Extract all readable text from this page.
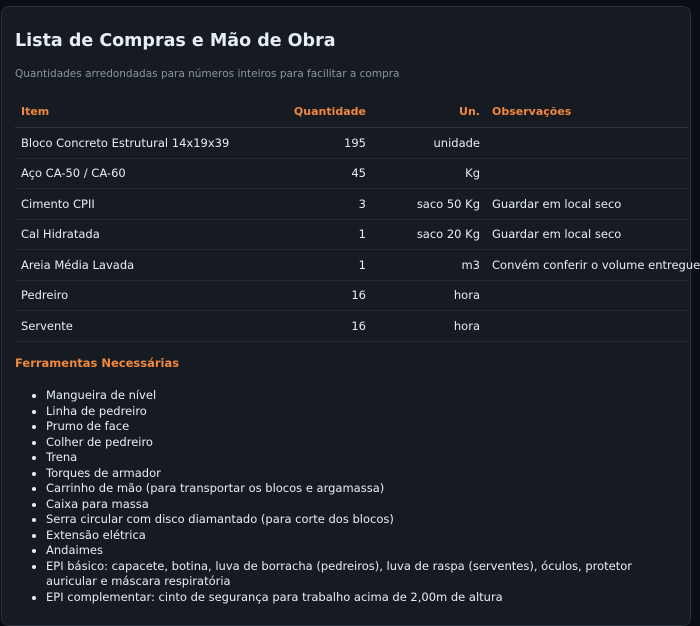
Lista de Compras e Mão de Obra

Quantidades arredondadas para números inteiros para facilitar a compra

Item	Quantidade	Un.	Observações
Bloco Concreto Estrutural 14x19x39	195	unidade	
Aço CA-50 / CA-60	45	Kg	
Cimento CPII	3	saco 50 Kg	Guardar em local seco
Cal Hidratada	1	saco 20 Kg	Guardar em local seco
Areia Média Lavada	1	m3	Convém conferir o volume entregue
Pedreiro	16	hora	
Servente	16	hora	
Ferramentas Necessárias
• Mangueira de nível
• Linha de pedreiro
• Prumo de face
• Colher de pedreiro
• Trena
• Torques de armador
• Carrinho de mão (para transportar os blocos e argamassa)
• Caixa para massa
• Serra circular com disco diamantado (para corte dos blocos)
• Extensão elétrica
• Andaimes
• EPI básico: capacete, botina, luva de borracha (pedreiros), luva de raspa (serventes), óculos, protetor auricular e máscara respiratória
• EPI complementar: cinto de segurança para trabalho acima de 2,00m de altura
